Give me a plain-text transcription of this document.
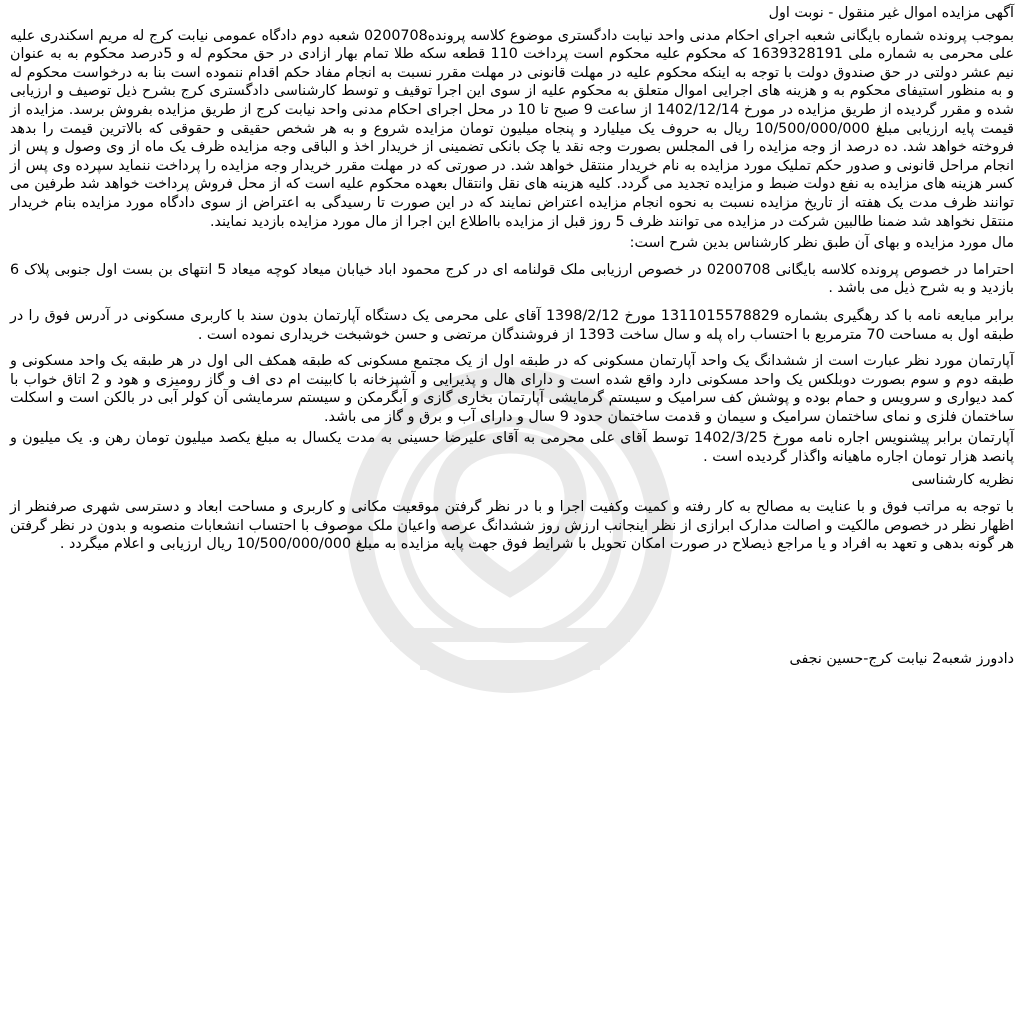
آگهی مزایده اموال غیر منقول - نوبت اول

بموجب پرونده شماره بایگانی شعبه اجرای احکام مدنی واحد نیابت دادگستری موضوع کلاسه پرونده0200708 شعبه دوم دادگاه عمومی نیابت کرج له مریم اسکندری علیه علی محرمی به شماره ملی 1639328191 که محکوم علیه محکوم است پرداخت 110 قطعه سکه طلا تمام بهار ازادی در حق محکوم له و 5درصد محکوم به به عنوان نیم عشر دولتی در حق صندوق دولت با توجه به اینکه محکوم علیه در مهلت قانونی در مهلت مقرر نسبت به انجام مفاد حکم اقدام ننموده است بنا به درخواست محکوم له و به منظور استیفای محکوم به و هزینه های اجرایی اموال متعلق به محکوم علیه از سوی این اجرا توقیف و توسط کارشناسی دادگستری کرج بشرح ذیل توصیف و ارزیابی شده و مقرر گردیده از طریق مزایده در مورخ 1402/12/14 از ساعت 9 صبح تا 10 در محل اجرای احکام مدنی واحد نیابت کرج از طریق مزایده بفروش برسد. مزایده از قیمت پایه ارزیابی مبلغ 10/500/000/000 ریال به حروف یک میلیارد و پنجاه میلیون تومان مزایده شروع و به هر شخص حقیقی و حقوقی که بالاترین قیمت را بدهد فروخته خواهد شد. ده درصد از وجه مزایده را فی المجلس بصورت وجه نقد یا چک بانکی تضمینی از خریدار اخذ و الباقی وجه مزایده ظرف یک ماه از وی وصول و پس از انجام مراحل قانونی و صدور حکم تملیک مورد مزایده به نام خریدار منتقل خواهد شد. در صورتی که در مهلت مقرر خریدار وجه مزایده را پرداخت ننماید سپرده وی پس از کسر هزینه های مزایده به نفع دولت ضبط و مزایده تجدید می گردد. کلیه هزینه های نقل وانتقال بعهده محکوم علیه است که از محل فروش پرداخت خواهد شد طرفین می توانند ظرف مدت یک هفته از تاریخ مزایده نسبت به نحوه انجام مزایده اعتراض نمایند که در این صورت تا رسیدگی به اعتراض از سوی دادگاه مورد مزایده بنام خریدار منتقل نخواهد شد ضمنا طالبین شرکت در مزایده می توانند ظرف 5 روز قبل از مزایده بااطلاع این اجرا از مال مورد مزایده بازدید نمایند.

مال مورد مزایده و بهای آن طبق نظر کارشناس بدین شرح است:

احتراما در خصوص پرونده کلاسه بایگانی 0200708 در خصوص ارزیابی ملک قولنامه ای در کرج محمود اباد خیابان میعاد کوچه میعاد 5 انتهای بن بست اول جنوبی پلاک 6 بازدید و به شرح ذیل می باشد .

برابر مبایعه نامه با کد رهگیری بشماره 1311015578829 مورخ 1398/2/12 آقای علی محرمی یک دستگاه آپارتمان بدون سند با کاربری مسکونی در آدرس فوق را در طبقه اول به مساحت 70 مترمربع با احتساب راه پله و سال ساخت 1393 از فروشندگان مرتضی و حسن خوشبخت خریداری نموده است .

آپارتمان مورد نظر عبارت است از ششدانگ یک واحد آپارتمان مسکونی که در طبقه اول از یک مجتمع مسکونی که طبقه همکف الی اول در هر طبقه یک واحد مسکونی و طبقه دوم و سوم بصورت دوبلکس یک واحد مسکونی دارد واقع شده است و دارای هال و پذیرایی و آشپزخانه با کابینت ام دی اف و گاز رومیزی و هود و 2 اتاق خواب با کمد دیواری و سرویس و حمام بوده و پوشش کف سرامیک و سیستم گرمایشی آپارتمان بخاری گازی و آبگرمکن و سیستم سرمایشی آن کولر آبی در بالکن است و اسکلت ساختمان فلزی و نمای ساختمان سرامیک و سیمان و قدمت ساختمان حدود 9 سال و دارای آب و برق و گاز می باشد.

آپارتمان برابر پیشنویس اجاره نامه مورخ 1402/3/25 توسط آقای علی محرمی به آقای علیرضا حسینی به مدت یکسال به مبلغ یکصد میلیون تومان رهن و. یک میلیون و پانصد هزار تومان اجاره ماهیانه واگذار گردیده است .

نظریه کارشناسی

با توجه به مراتب فوق و با عنایت به مصالح به کار رفته و کمیت وکفیت اجرا و با در نظر گرفتن موقعیت مکانی و کاربری و مساحت ابعاد و دسترسی شهری صرفنظر از اظهار نظر در خصوص مالکیت و اصالت مدارک ابرازی از نظر اینجانب ارزش روز ششدانگ عرصه واعیان ملک موصوف با احتساب انشعابات منصوبه و بدون در نظر گرفتن هر گونه بدهی و تعهد به افراد و یا مراجع ذیصلاح در صورت امکان تحویل با شرایط فوق جهت پایه مزایده به مبلغ 10/500/000/000 ریال ارزیابی و اعلام میگردد .

دادورز شعبه2 نیابت کرج-حسین نجفی
